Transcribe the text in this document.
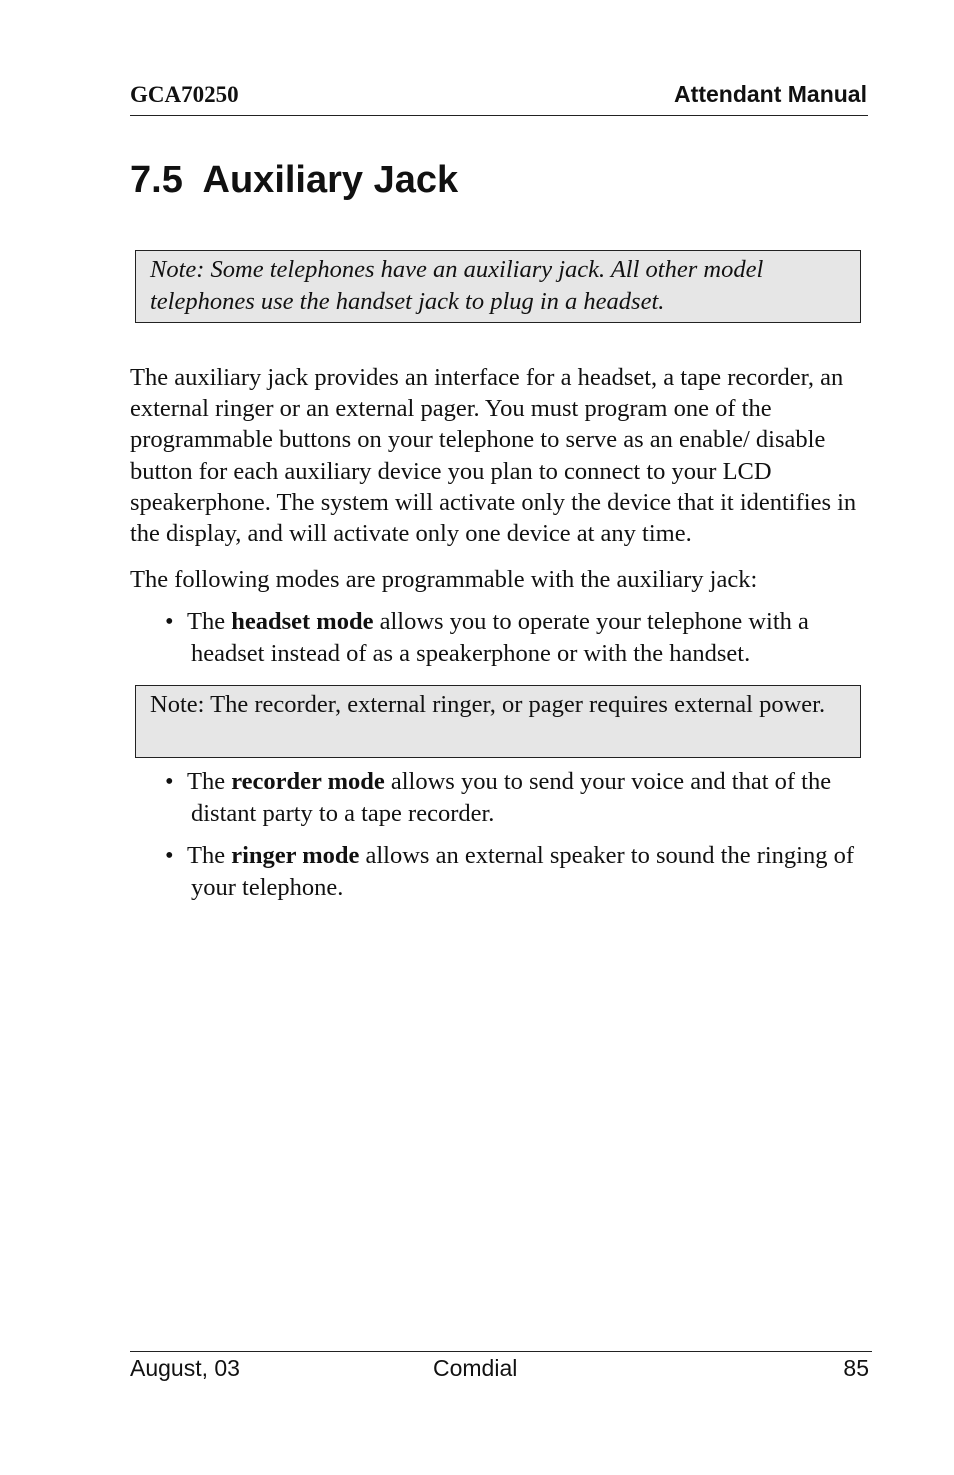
GCA70250	Attendant Manual
7.5  Auxiliary Jack
Note: Some telephones have an auxiliary jack. All other model telephones use the handset jack to plug in a headset.

The auxiliary jack provides an interface for a headset, a tape recorder, an external ringer or an external pager. You must program one of the programmable buttons on your telephone to serve as an enable/ disable button for each auxiliary device you plan to connect to your LCD speakerphone. The system will activate only the device that it identifies in the display, and will activate only one device at any time.

The following modes are programmable with the auxiliary jack:

• The headset mode allows you to operate your telephone with a headset instead of as a speakerphone or with the handset.
Note: The recorder, external ringer, or pager requires external power.
• The recorder mode allows you to send your voice and that of the distant party to a tape recorder.
• The ringer mode allows an external speaker to sound the ringing of your telephone.
August, 03	Comdial	85
